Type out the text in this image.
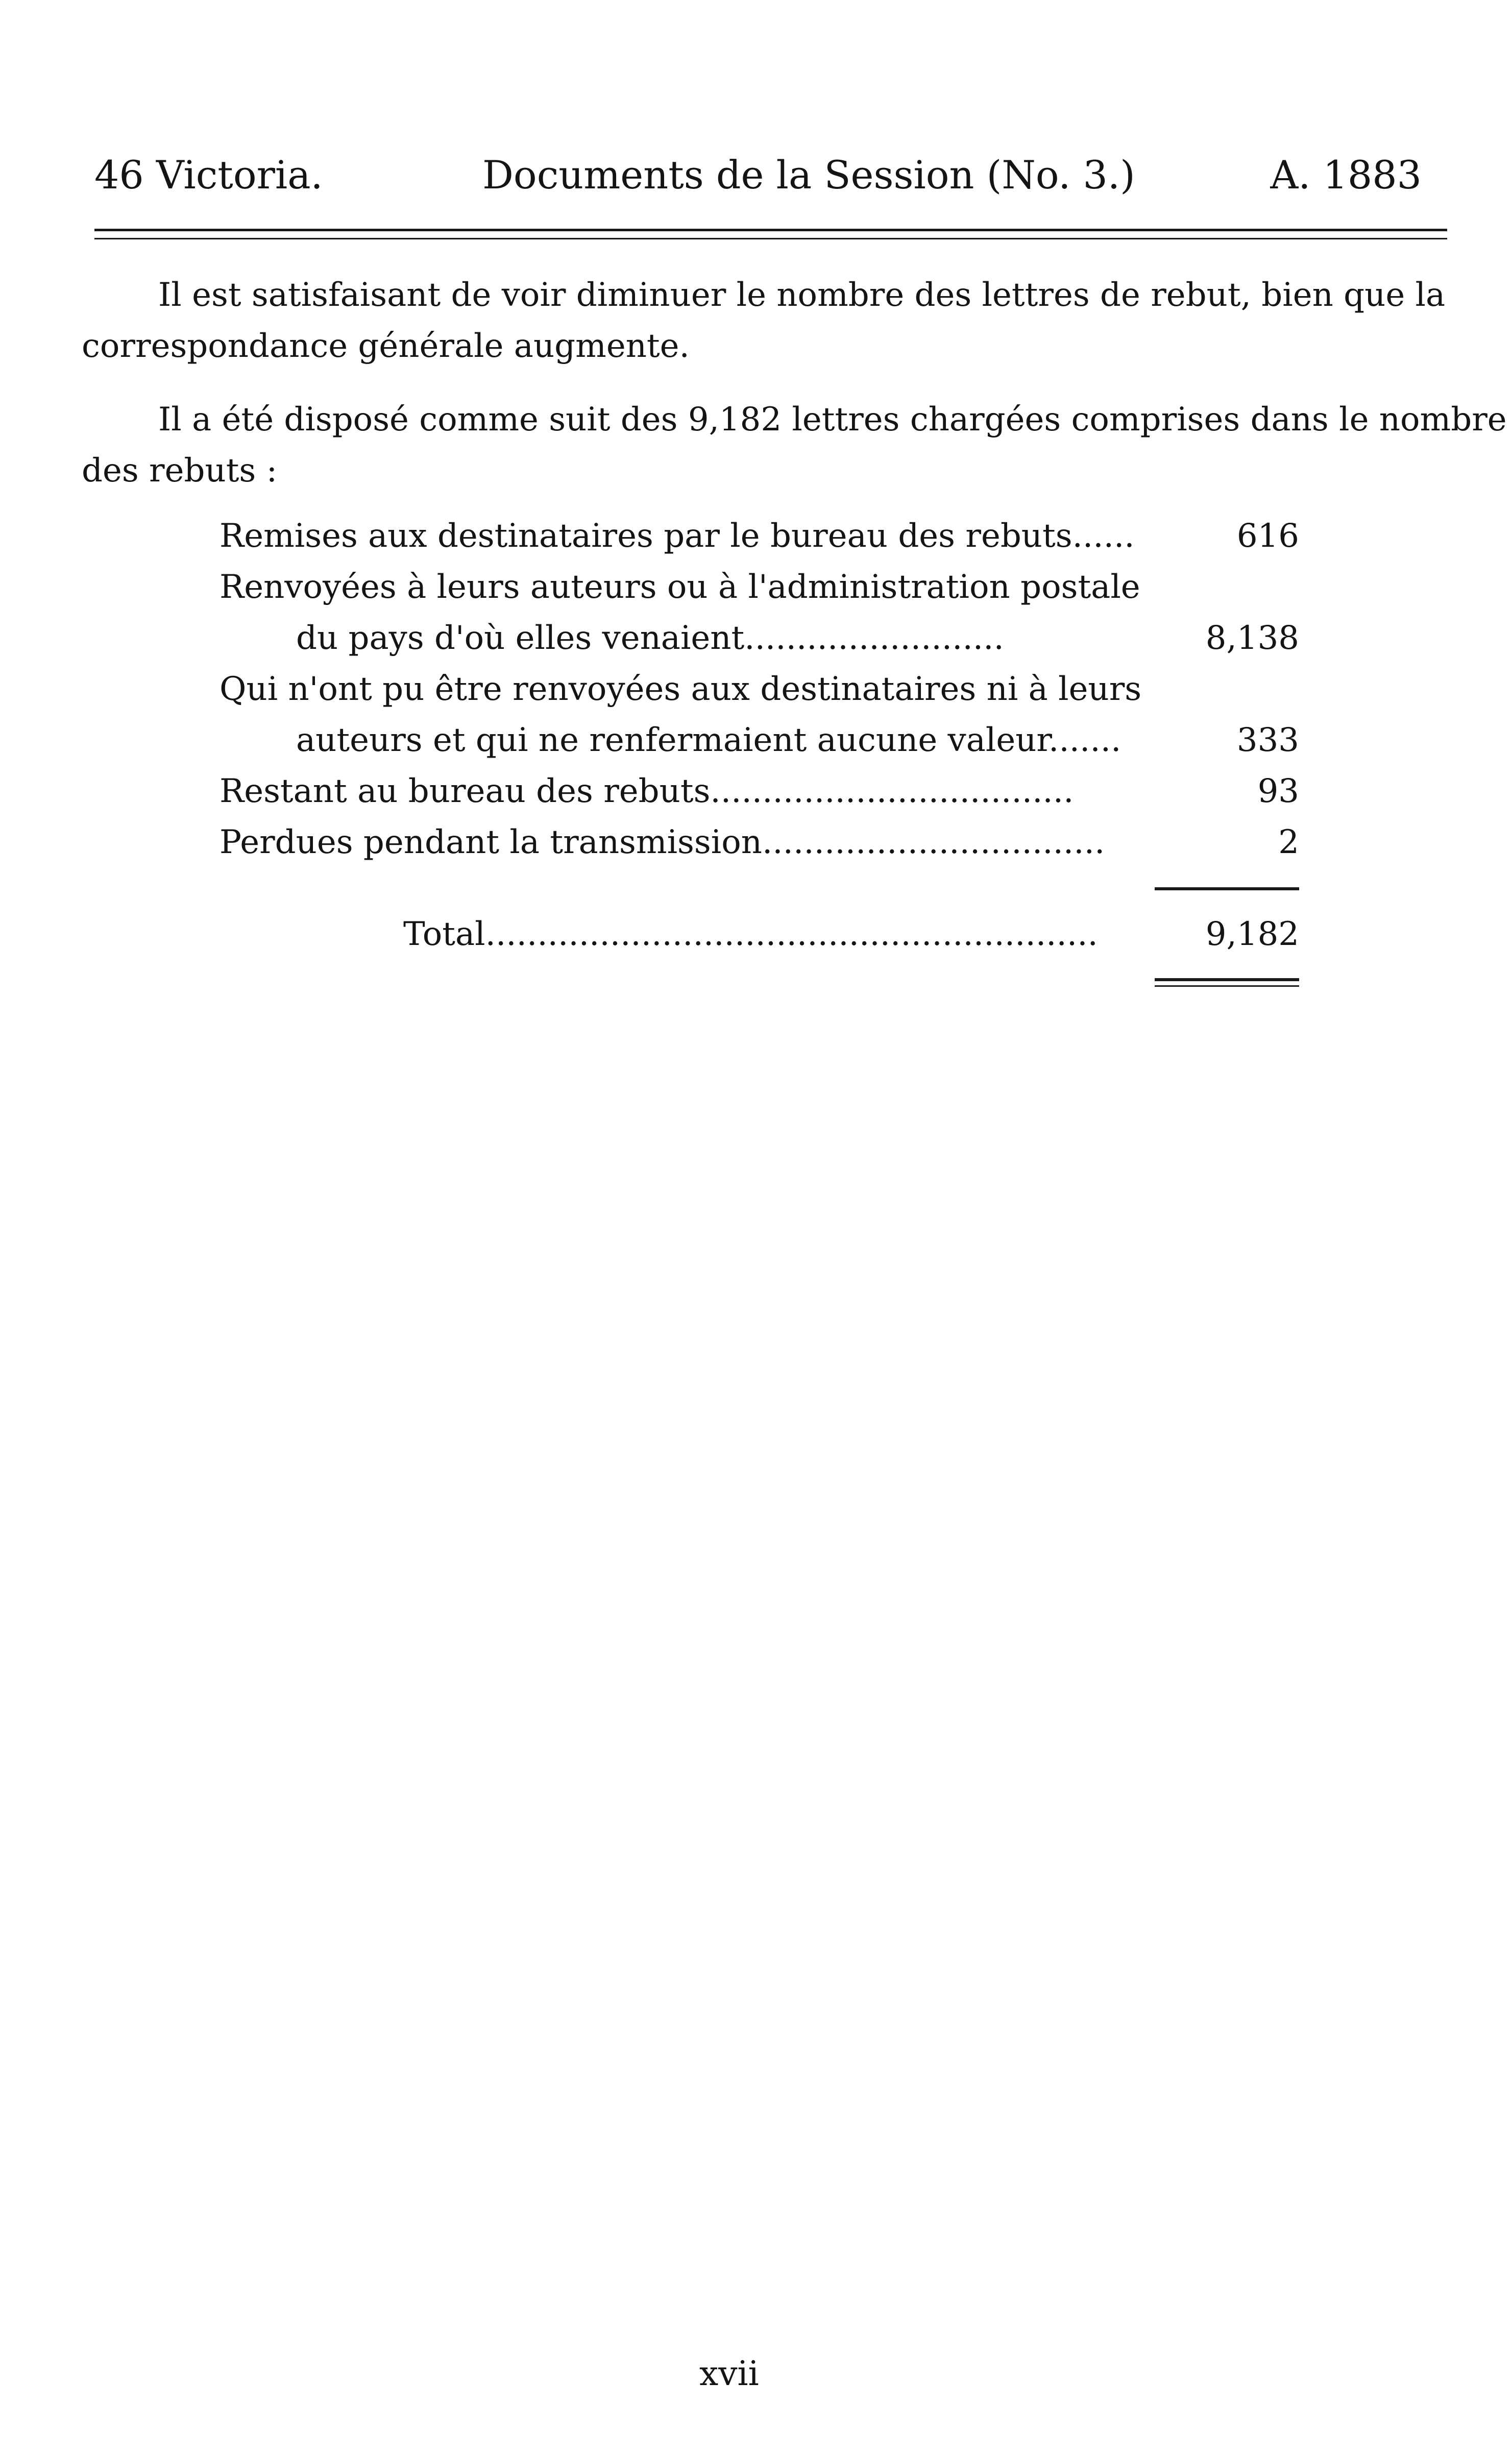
46 Victoria.	Documents de la Session (No. 3.)	A. 1883
Il est satisfaisant de voir diminuer le nombre des lettres de rebut, bien que la
correspondance générale augmente.
Il a été disposé comme suit des 9,182 lettres chargées comprises dans le nombre
des rebuts :
Remises aux destinataires par le bureau des rebuts......	616
Renvoyées à leurs auteurs ou à l'administration postale
du pays d'où elles venaient.........................	8,138
Qui n'ont pu être renvoyées aux destinataires ni à leurs
auteurs et qui ne renfermaient aucune valeur.......	333
Restant au bureau des rebuts...................................	93
Perdues pendant la transmission.................................	2
Total...........................................................	9,182
xvii
